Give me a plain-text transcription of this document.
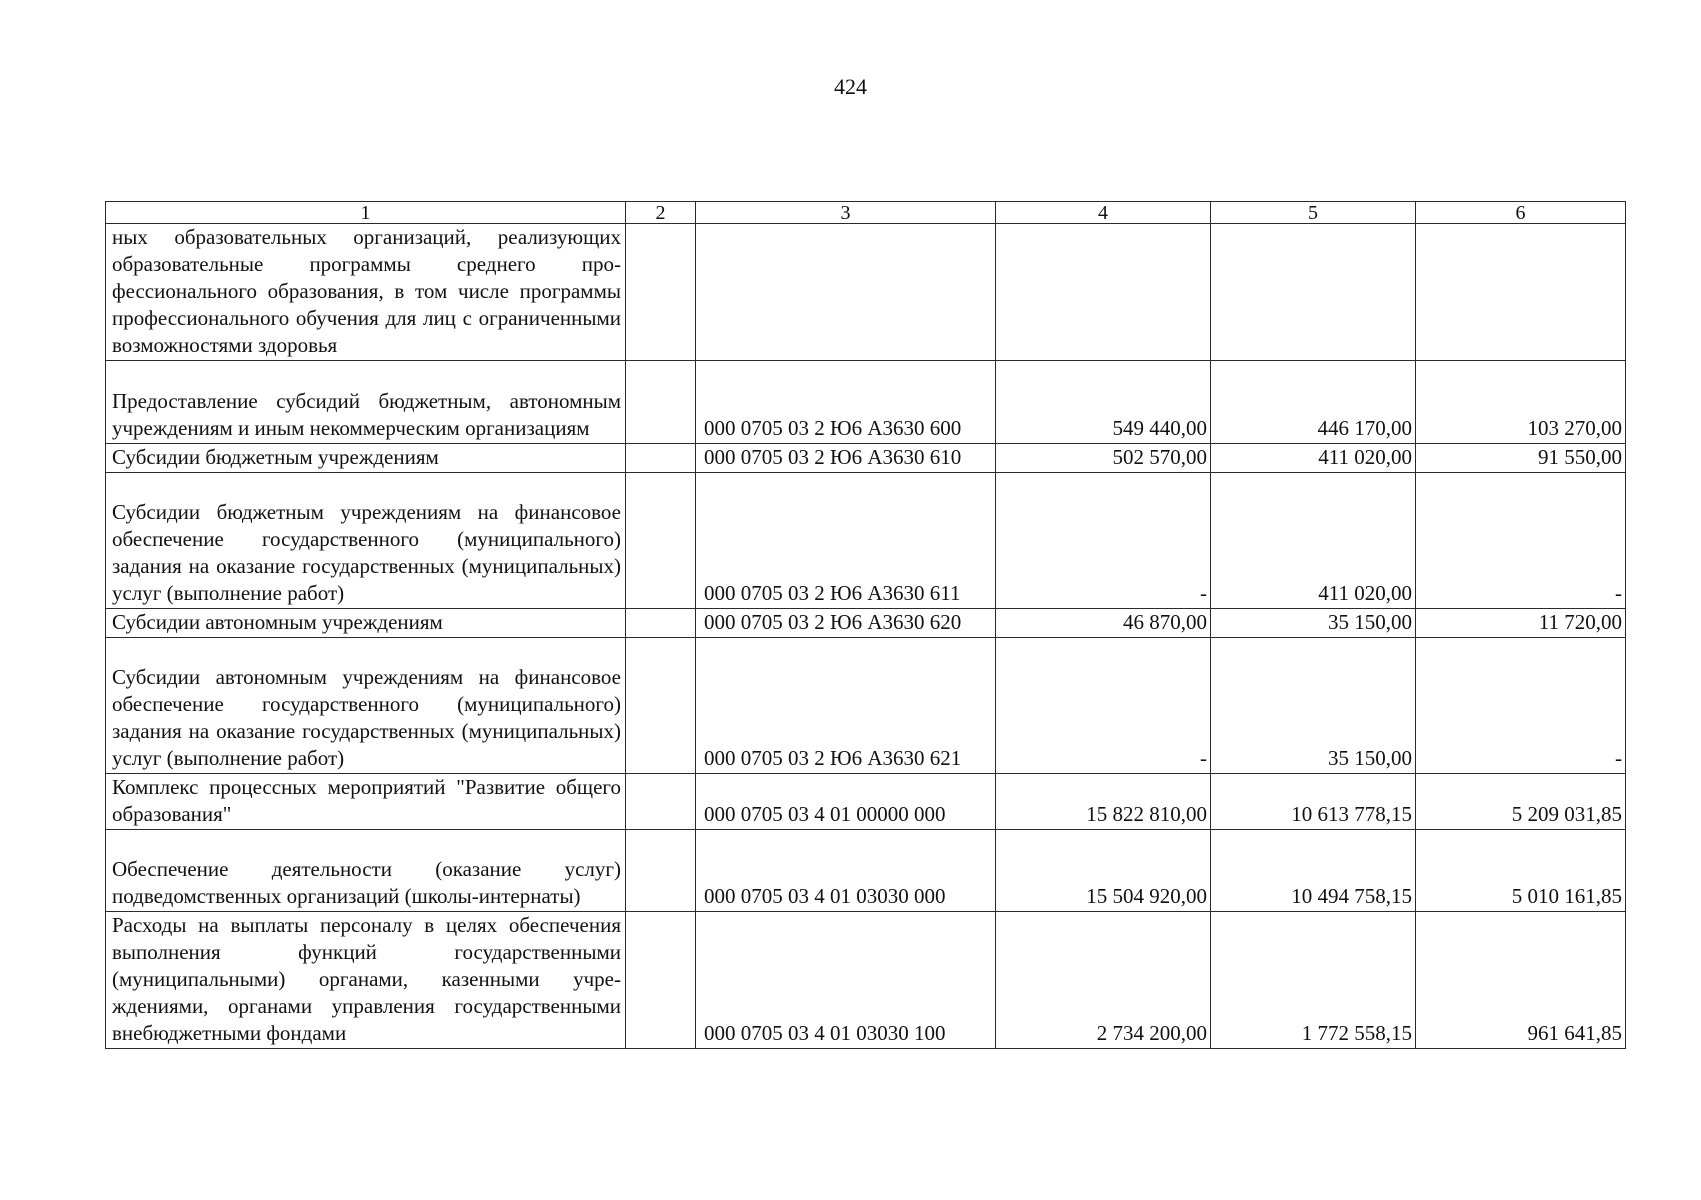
424
1	2	3	4	5	6
ных образовательных организаций, реализующих образовательные программы среднего профессионального образования, в том числе программы профессионального обучения для лиц с ограниченными возможностями здоровья					
Предоставление субсидий бюджетным, автономным учреждениям и иным некоммерческим организациям		000 0705 03 2 Ю6 А3630 600	549 440,00	446 170,00	103 270,00
Субсидии бюджетным учреждениям		000 0705 03 2 Ю6 А3630 610	502 570,00	411 020,00	91 550,00
Субсидии бюджетным учреждениям на финансовое обеспечение государственного (муниципального) задания на оказание государственных (муниципальных) услуг (выполнение работ)		000 0705 03 2 Ю6 А3630 611	-	411 020,00	-
Субсидии автономным учреждениям		000 0705 03 2 Ю6 А3630 620	46 870,00	35 150,00	11 720,00
Субсидии автономным учреждениям на финансовое обеспечение государственного (муниципального) задания на оказание государственных (муниципальных) услуг (выполнение работ)		000 0705 03 2 Ю6 А3630 621	-	35 150,00	-
Комплекс процессных мероприятий "Развитие общего образования"		000 0705 03 4 01 00000 000	15 822 810,00	10 613 778,15	5 209 031,85
Обеспечение деятельности (оказание услуг) подведомственных организаций (школы-интернаты)		000 0705 03 4 01 03030 000	15 504 920,00	10 494 758,15	5 010 161,85
Расходы на выплаты персоналу в целях обеспечения выполнения функций государственными (муниципальными) органами, казенными учреждениями, органами управления государственными внебюджетными фондами		000 0705 03 4 01 03030 100	2 734 200,00	1 772 558,15	961 641,85
